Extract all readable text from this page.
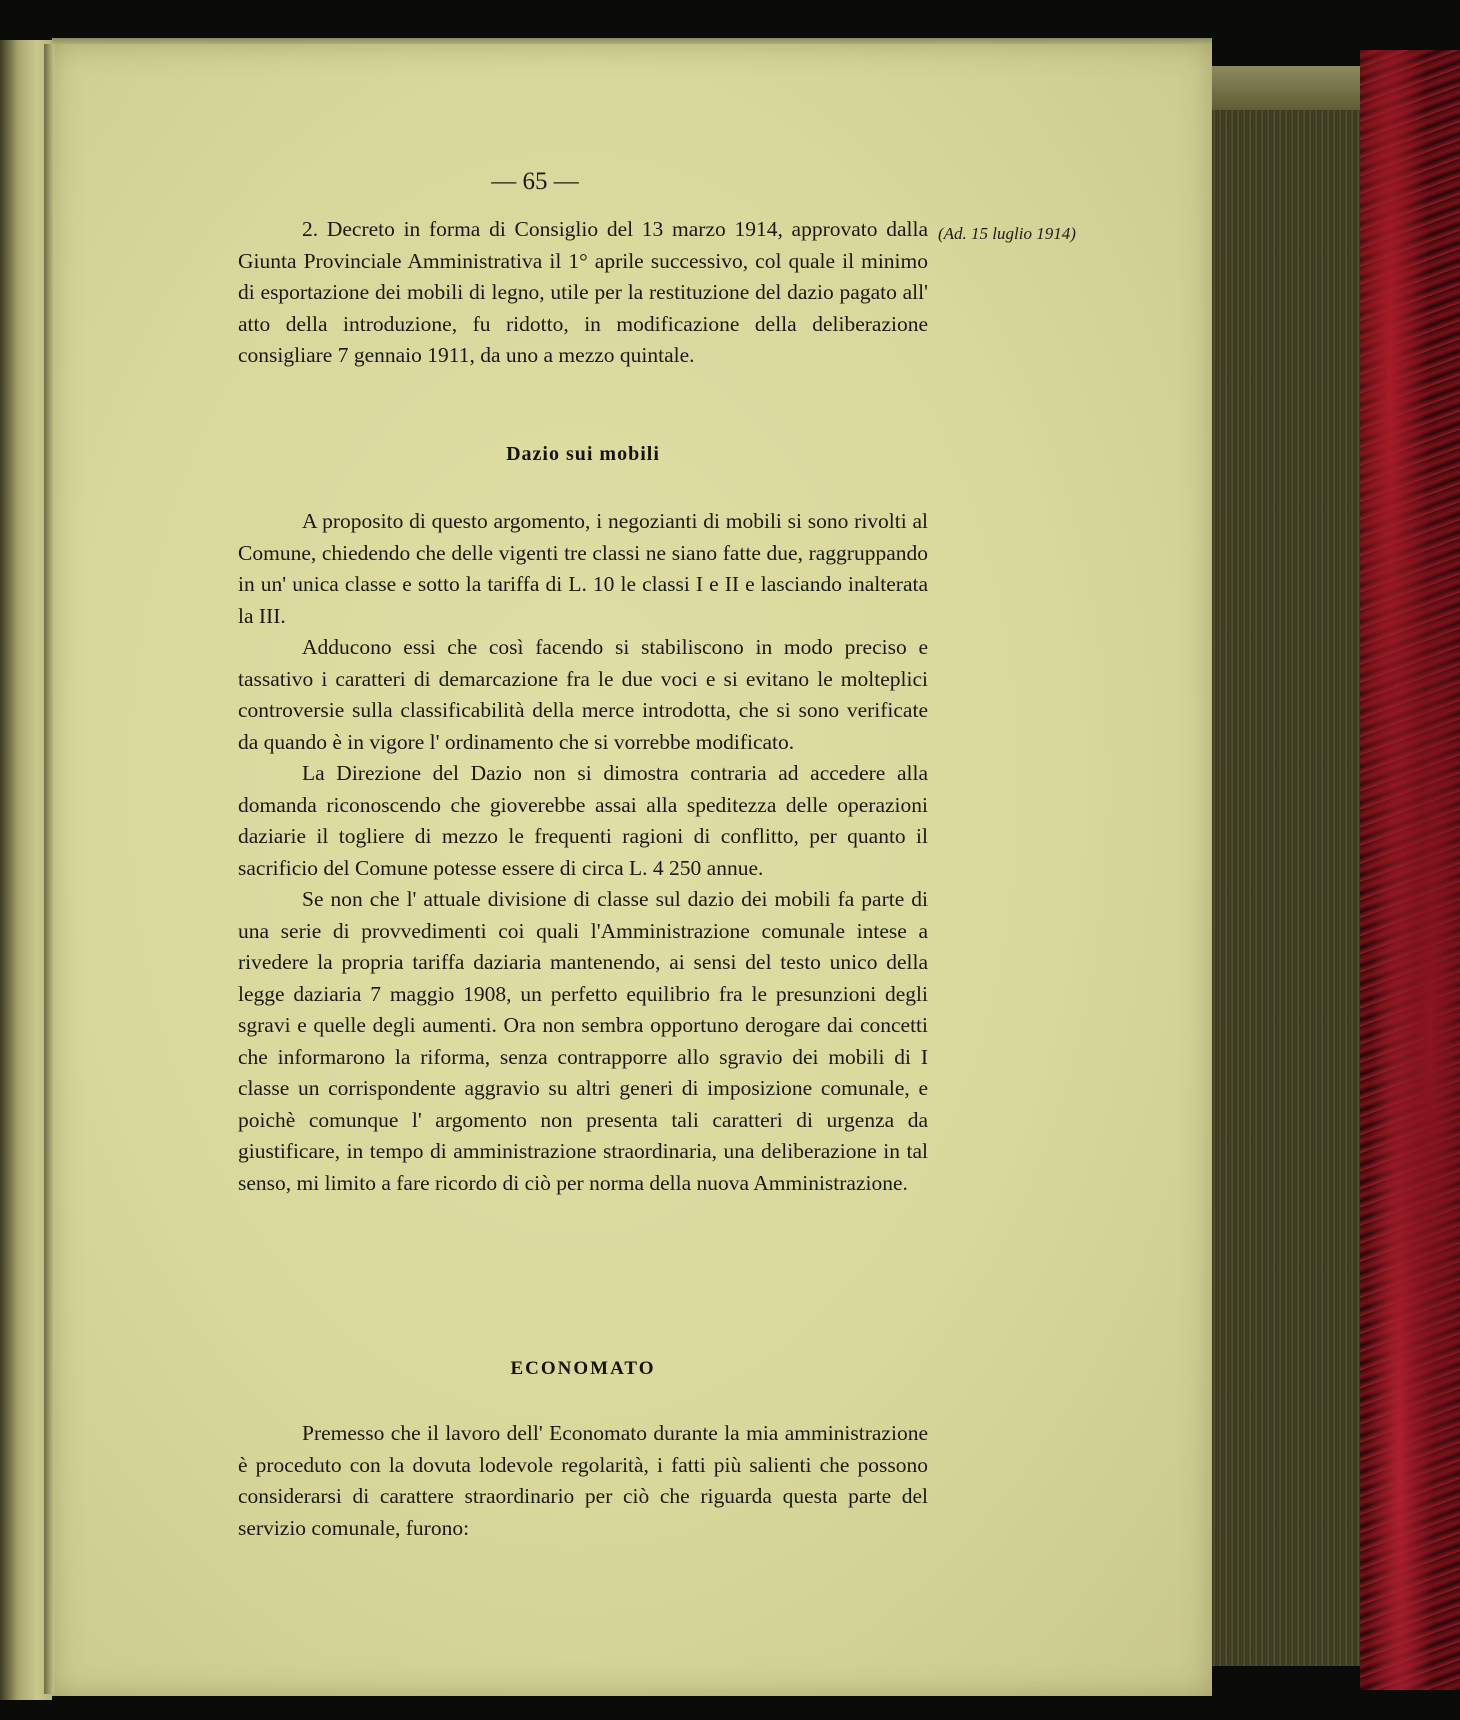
— 65 —
(Ad. 15 luglio 1914)

2. Decreto in forma di Consiglio del 13 marzo 1914, approvato dalla Giunta Provinciale Amministrativa il 1° aprile successivo, col quale il minimo di esportazione dei mobili di legno, utile per la restituzione del dazio pagato all' atto della introduzione, fu ridotto, in modificazione della deliberazione consigliare 7 gennaio 1911, da uno a mezzo quintale.

Dazio sui mobili

A proposito di questo argomento, i negozianti di mobili si sono rivolti al Comune, chiedendo che delle vigenti tre classi ne siano fatte due, raggruppando in un' unica classe e sotto la tariffa di L. 10 le classi I e II e lasciando inalterata la III.

Adducono essi che così facendo si stabiliscono in modo preciso e tassativo i caratteri di demarcazione fra le due voci e si evitano le molteplici controversie sulla classificabilità della merce introdotta, che si sono verificate da quando è in vigore l' ordinamento che si vorrebbe modificato.

La Direzione del Dazio non si dimostra contraria ad accedere alla domanda riconoscendo che gioverebbe assai alla speditezza delle operazioni daziarie il togliere di mezzo le frequenti ragioni di conflitto, per quanto il sacrificio del Comune potesse essere di circa L. 4 250 annue.

Se non che l' attuale divisione di classe sul dazio dei mobili fa parte di una serie di provvedimenti coi quali l'Amministrazione comunale intese a rivedere la propria tariffa daziaria mantenendo, ai sensi del testo unico della legge daziaria 7 maggio 1908, un perfetto equilibrio fra le presunzioni degli sgravi e quelle degli aumenti. Ora non sembra opportuno derogare dai concetti che informarono la riforma, senza contrapporre allo sgravio dei mobili di I classe un corrispondente aggravio su altri generi di imposizione comunale, e poichè comunque l' argomento non presenta tali caratteri di urgenza da giustificare, in tempo di amministrazione straordinaria, una deliberazione in tal senso, mi limito a fare ricordo di ciò per norma della nuova Amministrazione.

ECONOMATO

Premesso che il lavoro dell' Economato durante la mia amministrazione è proceduto con la dovuta lodevole regolarità, i fatti più salienti che possono considerarsi di carattere straordinario per ciò che riguarda questa parte del servizio comunale, furono:
